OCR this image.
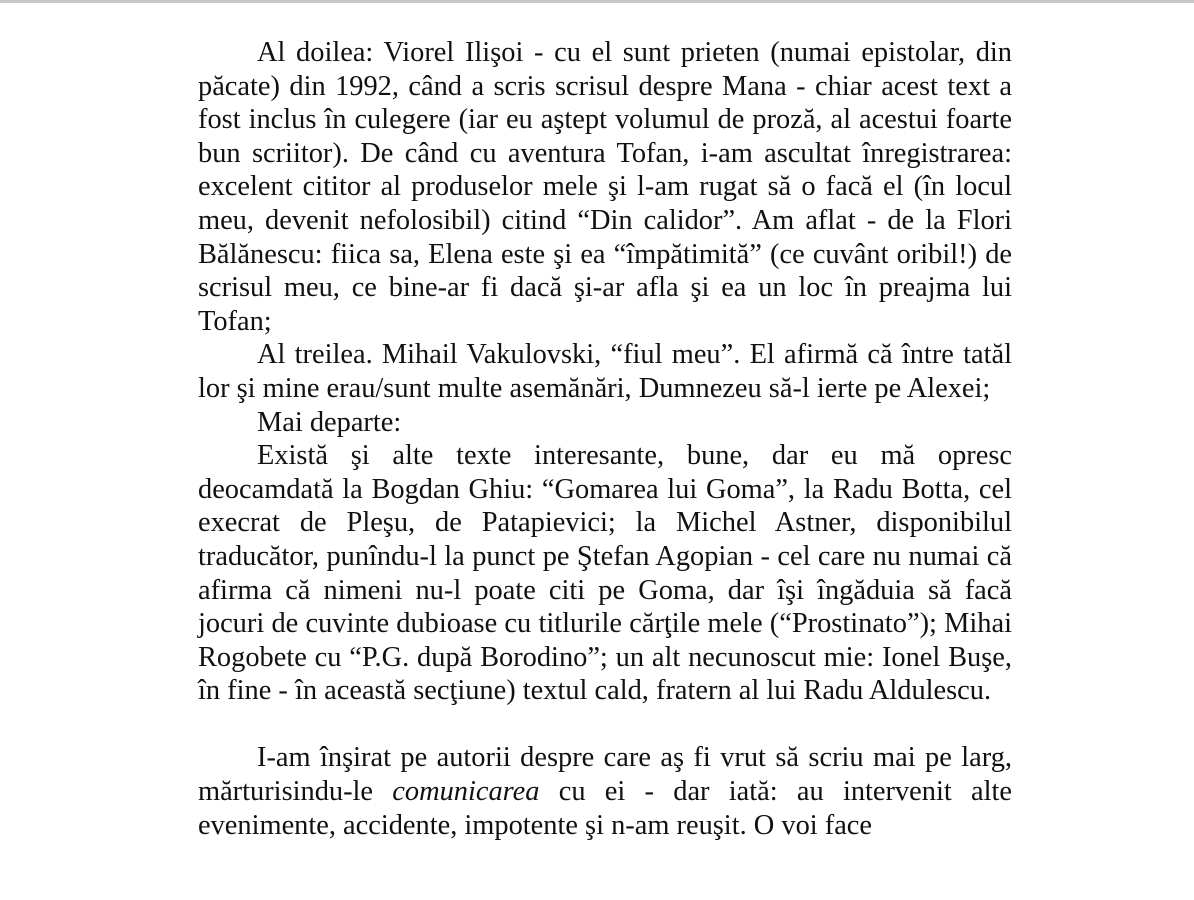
Al doilea: Viorel Ilişoi - cu el sunt prieten (numai epistolar, din păcate) din 1992, când a scris scrisul despre Mana - chiar acest text a fost inclus în culegere (iar eu aştept volumul de proză, al acestui foarte bun scriitor). De când cu aventura Tofan, i-am ascultat înregistrarea: excelent cititor al produselor mele şi l-am rugat să o facă el (în locul meu, devenit nefolosibil) citind “Din calidor”. Am aflat - de la Flori Bălănescu: fiica sa, Elena este şi ea “împătimită” (ce cuvânt oribil!) de scrisul meu, ce bine-ar fi dacă şi-ar afla şi ea un loc în preajma lui Tofan;

Al treilea. Mihail Vakulovski, “fiul meu”. El afirmă că între tatăl lor şi mine erau/sunt multe asemănări, Dumnezeu să-l ierte pe Alexei;

Mai departe:

Există şi alte texte interesante, bune, dar eu mă opresc deocamdată la Bogdan Ghiu: “Gomarea lui Goma”, la Radu Botta, cel execrat de Pleşu, de Patapievici; la Michel Astner, disponibilul traducător, punîndu-l la punct pe Ştefan Agopian - cel care nu numai că afirma că nimeni nu-l poate citi pe Goma, dar îşi îngăduia să facă jocuri de cuvinte dubioase cu titlurile cărţile mele (“Prostinato”); Mihai Rogobete cu “P.G. după Borodino”; un alt necunoscut mie: Ionel Buşe, în fine - în această secţiune) textul cald, fratern al lui Radu Aldulescu.

I-am înşirat pe autorii despre care aş fi vrut să scriu mai pe larg, mărturisindu-le comunicarea cu ei - dar iată: au intervenit alte evenimente, accidente, impotente şi n-am reuşit. O voi face
